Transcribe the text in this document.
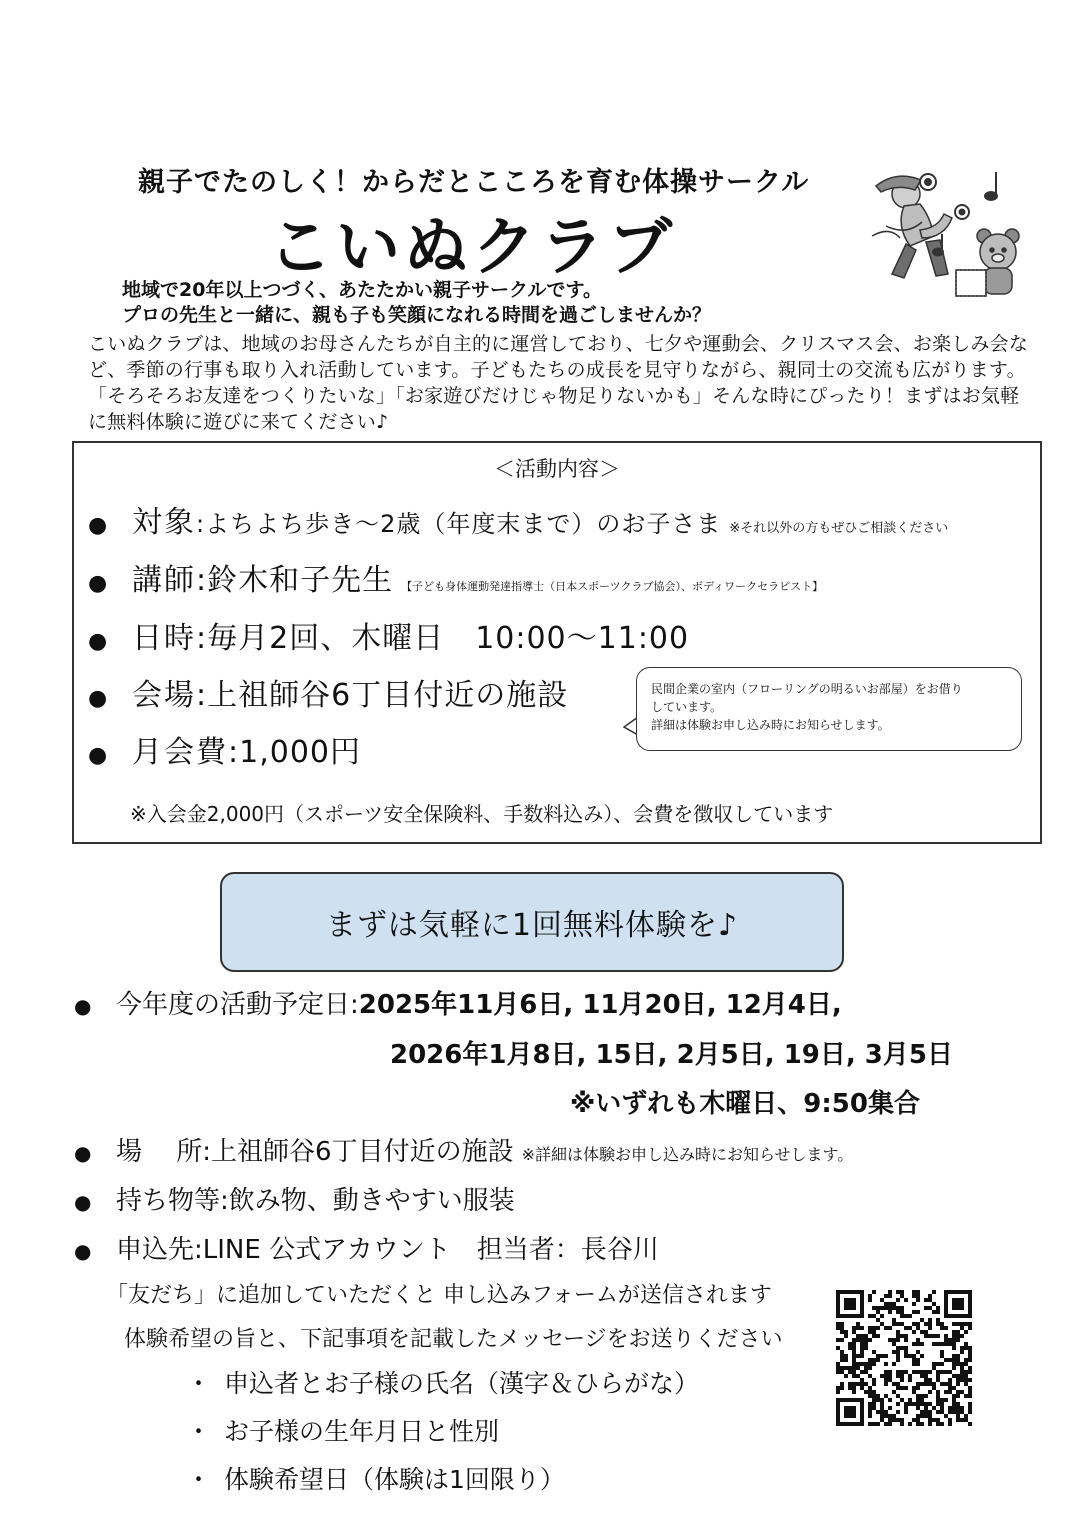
親子でたのしく！からだとこころを育む体操サークル
こいぬクラブ
地域で20年以上つづく、あたたかい親子サークルです。
プロの先生と一緒に、親も子も笑顔になれる時間を過ごしませんか？
こいぬクラブは、地域のお母さんたちが自主的に運営しており、七夕や運動会、クリスマス会、お楽しみ会など、季節の行事も取り入れ活動しています。子どもたちの成長を見守りながら、親同士の交流も広がります。「そろそろお友達をつくりたいな」「お家遊びだけじゃ物足りないかも」そんな時にぴったり！まずはお気軽に無料体験に遊びに来てください♪
＜活動内容＞
● 対象 :よちよち歩き～2歳（年度末まで）のお子さま ※それ以外の方もぜひご相談ください
● 講師 :鈴木和子先生 【子ども身体運動発達指導士（日本スポーツクラブ協会）、ボディワークセラピスト】
● 日時 :毎月2回、木曜日　10:00～11:00
● 会場 :上祖師谷6丁目付近の施設
● 月会費 :1,000円
民間企業の室内（フローリングの明るいお部屋）をお借り
しています。
詳細は体験お申し込み時にお知らせします。
※入会金2,000円（スポーツ安全保険料、手数料込み）、会費を徴収しています
まずは気軽に1回無料体験を♪
● 今年度の活動予定日:2025年11月6日, 11月20日, 12月4日,
2026年1月8日, 15日, 2月5日, 19日, 3月5日
※いずれも木曜日、9:50集合
● 場　 所:上祖師谷6丁目付近の施設 ※詳細は体験お申し込み時にお知らせします。
● 持ち物等:飲み物、動きやすい服装
● 申込先:LINE 公式アカウント　担当者：長谷川
「友だち」に追加していただくと 申し込みフォームが送信されます
体験希望の旨と、下記事項を記載したメッセージをお送りください
・ 申込者とお子様の氏名（漢字＆ひらがな）
・ お子様の生年月日と性別
・ 体験希望日（体験は1回限り）
